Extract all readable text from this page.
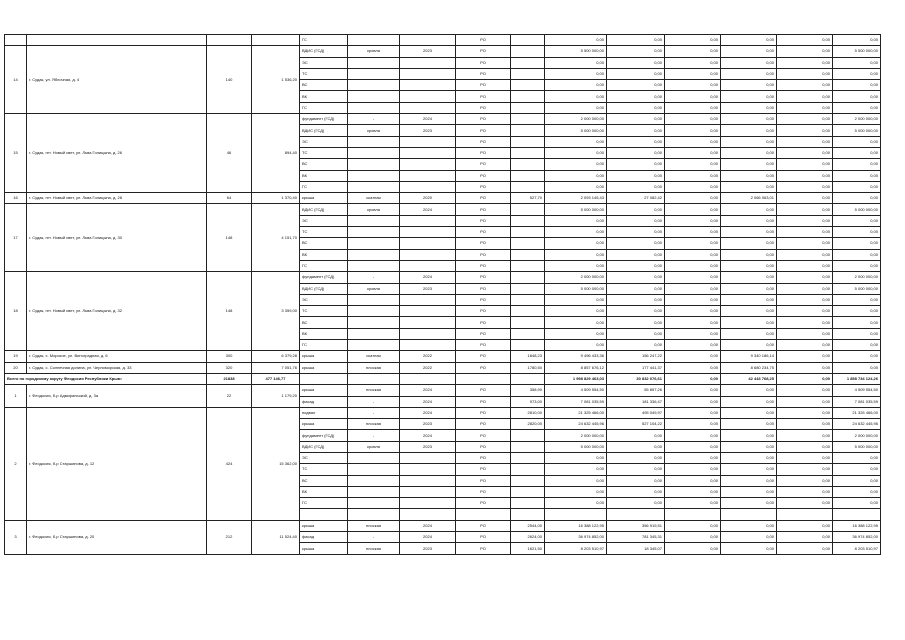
				ГС			РО		0,00	0,00	0,00	0,00	0,00	0,00
14	г. Судак, ул. Яблочная, д. 4	140	1 536,20	ВДИС (ГСД)	кровля	2023	РО		5 500 000,00	0,00	0,00	0,00	0,00	5 500 000,00
				ЭС			РО		0,00	0,00	0,00	0,00	0,00	0,00
				ТС			РО		0,00	0,00	0,00	0,00	0,00	0,00
				ВС			РО		0,00	0,00	0,00	0,00	0,00	0,00
				ВК			РО		0,00	0,00	0,00	0,00	0,00	0,00
				ГС			РО		0,00	0,00	0,00	0,00	0,00	0,00
15	г. Судак, пгт. Новый свет, ул. Льва Голицына, д. 26	46	894,40	фундамент (ГСД)	-	2024	РО		2 000 000,00	0,00	0,00	0,00	0,00	2 000 000,00
				ВДИС (ГСД)	кровля	2023	РО		5 000 000,00	0,00	0,00	0,00	0,00	5 000 000,00
				ЭС			РО		0,00	0,00	0,00	0,00	0,00	0,00
				ТС			РО		0,00	0,00	0,00	0,00	0,00	0,00
				ВС			РО		0,00	0,00	0,00	0,00	0,00	0,00
				ВК			РО		0,00	0,00	0,00	0,00	0,00	0,00
				ГС			РО		0,00	0,00	0,00	0,00	0,00	0,00
16	г. Судак, пгт. Новый свет, ул. Льва Голицына, д. 28	64	1 370,40	крыша	скатная	2020	РО	527,70	2 093 145,43	27 082,42	0,00	2 066 063,01	0,00	0,00
17	г. Судак, пгт. Новый свет, ул. Льва Голицына, д. 30	148	4 151,70	ВДИС (ГСД)	кровля	2024	РО		5 000 000,00	0,00	0,00	0,00	0,00	5 000 000,00
				ЭС			РО		0,00	0,00	0,00	0,00	0,00	0,00
				ТС			РО		0,00	0,00	0,00	0,00	0,00	0,00
				ВС			РО		0,00	0,00	0,00	0,00	0,00	0,00
				ВК			РО		0,00	0,00	0,00	0,00	0,00	0,00
				ГС			РО		0,00	0,00	0,00	0,00	0,00	0,00
18	г. Судак, пгт. Новый свет, ул. Льва Голицына, д. 32	148	3 359,00	фундамент (ГСД)	-	2024	РО		2 000 000,00	0,00	0,00	0,00	0,00	2 000 000,00
				ВДИС (ГСД)	кровля	2023	РО		5 000 000,00	0,00	0,00	0,00	0,00	5 000 000,00
				ЭС			РО		0,00	0,00	0,00	0,00	0,00	0,00
				ТС			РО		0,00	0,00	0,00	0,00	0,00	0,00
				ВС			РО		0,00	0,00	0,00	0,00	0,00	0,00
				ВК			РО		0,00	0,00	0,00	0,00	0,00	0,00
				ГС			РО		0,00	0,00	0,00	0,00	0,00	0,00
19	г. Судак, с. Морское, ул. Виноградная, д. 6	300	6 379,28	крыша	скатная	2022	РО	1848,23	9 496 433,36	156 247,22	0,00	9 340 186,14	0,00	0,00
20	г. Судак, с. Солнечная долина, ул. Черноморская, д. 33	320	7 051,76	крыша	плоская	2022	РО	1780,50	8 857 676,12	177 441,37	0,00	8 680 234,75	0,00	0,00
Всего по городскому округу Феодосия Республики Крым:		21838	477 146,77						1 998 829 463,03	30 832 076,61	0,00	42 443 768,25	0,00	1 858 734 124,26
1	г. Феодосия, б-р Адмиральский, д. 3а	22	1 179,20	крыша	плоская	2024	РО	358,90	4 509 554,50	55 857,26	0,00	0,00	0,00	4 509 554,50
				фасад	-	2024	РО	973,00	7 081 035,59	181 336,47	0,00	0,00	0,00	7 081 035,59
2	г. Феодосия, б-р Старшинова, д. 12	424	15 362,00	подвал	-	2024	РО	2810,00	21 325 466,00	495 049,97	0,00	0,00	0,00	21 325 466,00
				крыша	плоская	2023	РО	2820,00	24 632 445,96	527 104,22	0,00	0,00	0,00	24 632 445,96
				фундамент (ГСД)	-	2024	РО		2 000 000,00	0,00	0,00	0,00	0,00	2 000 000,00
				ВДИС (ГСД)	кровля	2023	РО		5 000 000,00	0,00	0,00	0,00	0,00	5 000 000,00
				ЭС			РО		0,00	0,00	0,00	0,00	0,00	0,00
				ТС			РО		0,00	0,00	0,00	0,00	0,00	0,00
				ВС			РО		0,00	0,00	0,00	0,00	0,00	0,00
				ВК			РО		0,00	0,00	0,00	0,00	0,00	0,00
				ГС			РО		0,00	0,00	0,00	0,00	0,00	0,00

3	г. Феодосия, б-р Старшинова, д. 20	212	11 524,40	крыша	плоская	2024	РО	2544,00	16 388 122,95	356 919,51	0,00	0,00	0,00	16 388 122,95
				фасад	-	2024	РО	2624,00	36 974 852,00	781 345,31	0,00	0,00	0,00	36 974 852,00
				крыша	плоская	2023	РО	1621,50	8 203 510,97	18 345,07	0,00	0,00	0,00	8 203 510,97
